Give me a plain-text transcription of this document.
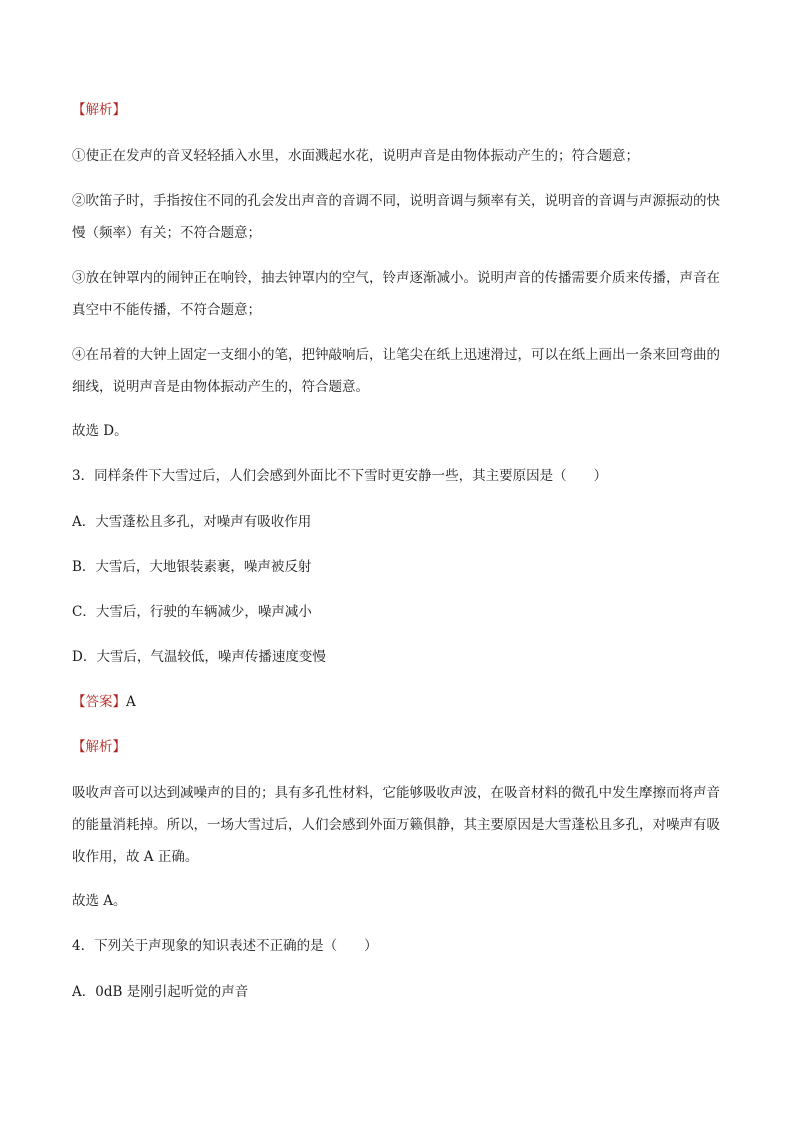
【解析】

①使正在发声的音叉轻轻插入水里，水面溅起水花，说明声音是由物体振动产生的；符合题意；

②吹笛子时，手指按住不同的孔会发出声音的音调不同，说明音调与频率有关，说明音的音调与声源振动的快慢（频率）有关；不符合题意；

③放在钟罩内的闹钟正在响铃，抽去钟罩内的空气，铃声逐渐减小。说明声音的传播需要介质来传播，声音在真空中不能传播，不符合题意；

④在吊着的大钟上固定一支细小的笔，把钟敲响后，让笔尖在纸上迅速滑过，可以在纸上画出一条来回弯曲的细线，说明声音是由物体振动产生的，符合题意。

故选 D。

3．同样条件下大雪过后，人们会感到外面比不下雪时更安静一些，其主要原因是（　　）

A．大雪蓬松且多孔，对噪声有吸收作用

B．大雪后，大地银装素裹，噪声被反射

C．大雪后，行驶的车辆减少，噪声减小

D．大雪后，气温较低，噪声传播速度变慢

【答案】A

【解析】

吸收声音可以达到减噪声的目的；具有多孔性材料，它能够吸收声波，在吸音材料的微孔中发生摩擦而将声音的能量消耗掉。所以，一场大雪过后，人们会感到外面万籁俱静，其主要原因是大雪蓬松且多孔，对噪声有吸收作用，故 A 正确。

故选 A。

4．下列关于声现象的知识表述不正确的是（　　）

A．0dB 是刚引起听觉的声音
